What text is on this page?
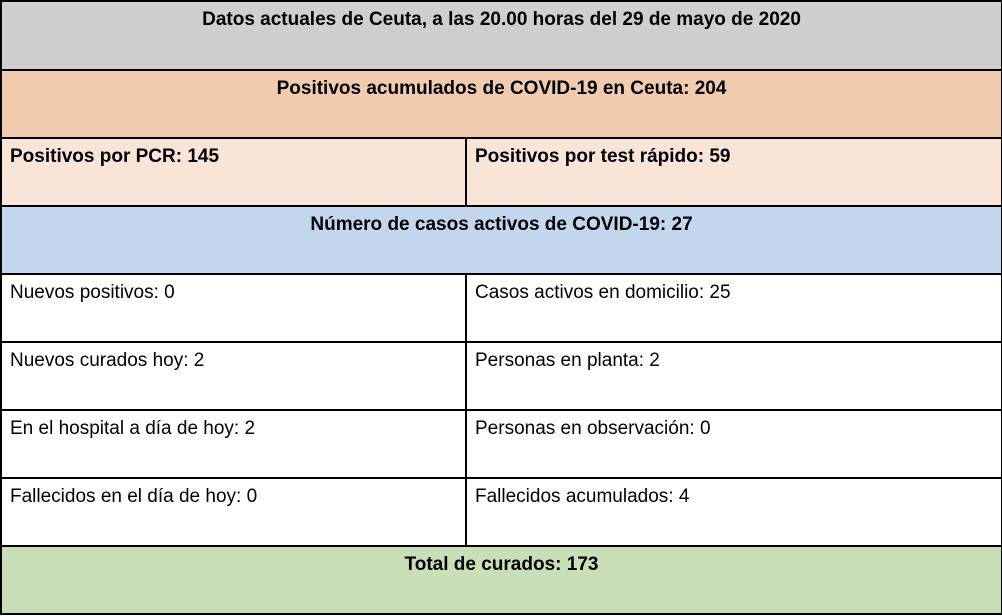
Datos actuales de Ceuta, a las 20.00 horas del 29 de mayo de 2020	
Positivos acumulados de COVID-19 en Ceuta: 204	
Positivos por PCR: 145	Positivos por test rápido: 59
Número de casos activos de COVID-19: 27	
Nuevos positivos: 0	Casos activos en domicilio: 25
Nuevos curados hoy: 2	Personas en planta: 2
En el hospital a día de hoy: 2	Personas en observación: 0
Fallecidos en el día de hoy: 0	Fallecidos acumulados: 4
Total de curados: 173	
